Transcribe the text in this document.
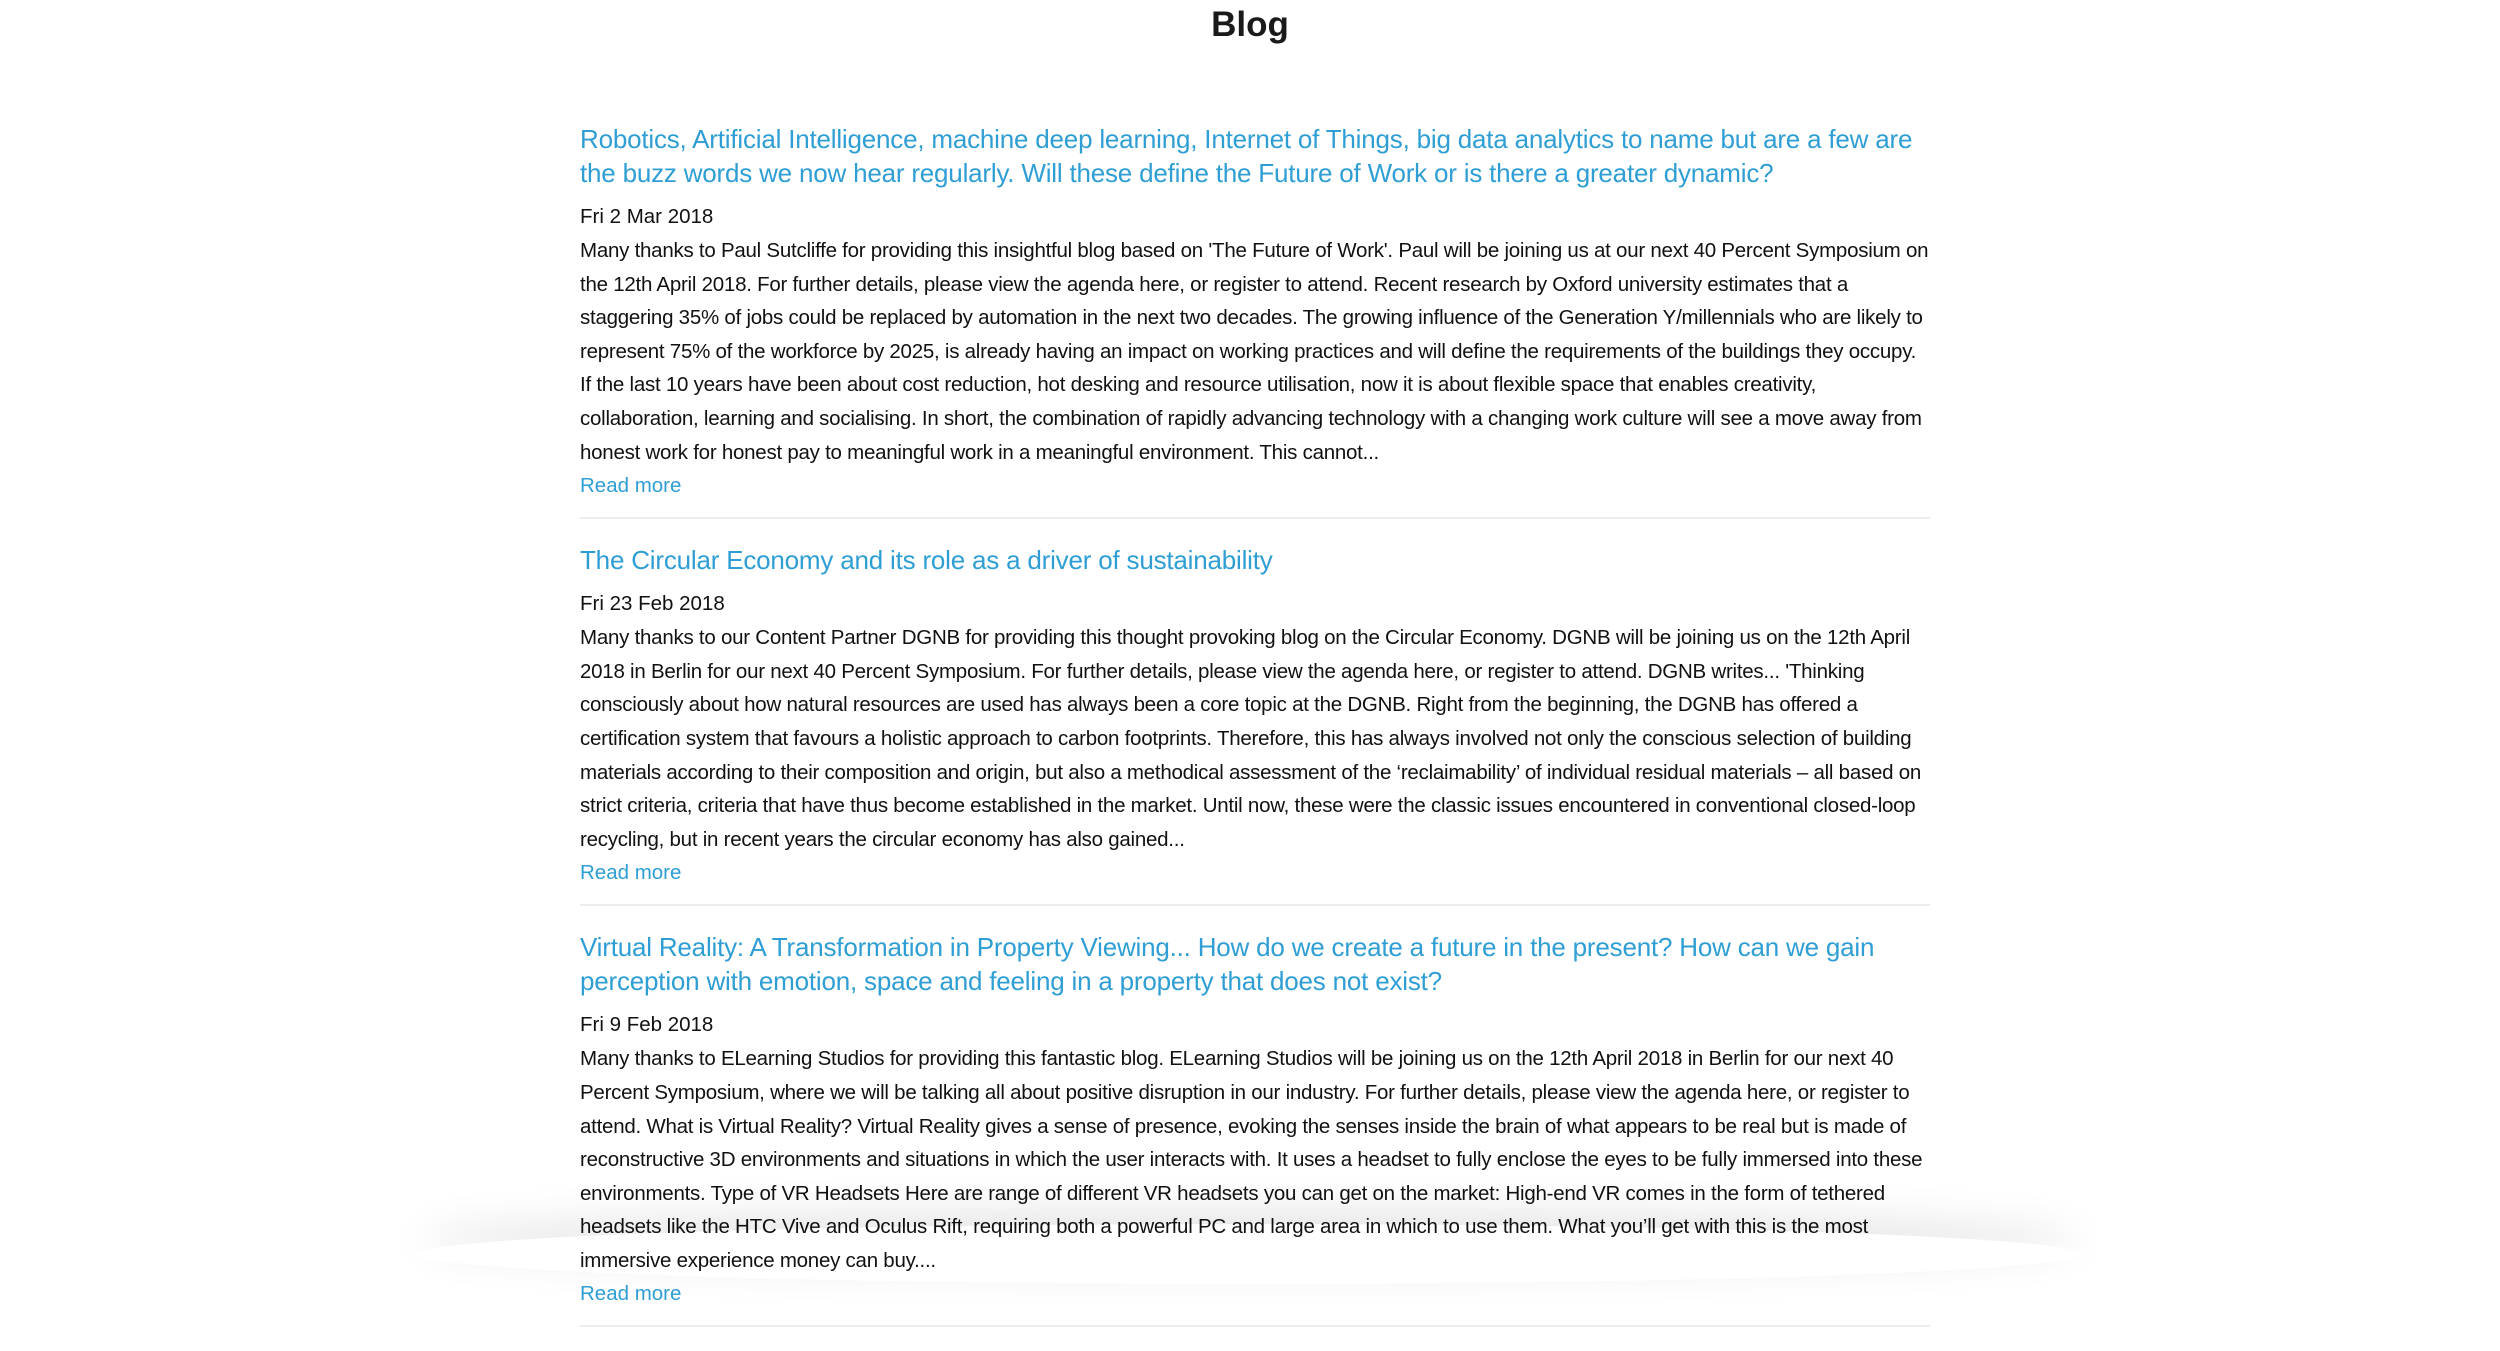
Blog
Robotics, Artificial Intelligence, machine deep learning, Internet of Things, big data analytics to name but are a few are the buzz words we now hear regularly. Will these define the Future of Work or is there a greater dynamic?
Fri 2 Mar 2018

Many thanks to Paul Sutcliffe for providing this insightful blog based on 'The Future of Work'. Paul will be joining us at our next 40 Percent Symposium on the 12th April 2018. For further details, please view the agenda here, or register to attend. Recent research by Oxford university estimates that a staggering 35% of jobs could be replaced by automation in the next two decades. The growing influence of the Generation Y/millennials who are likely to represent 75% of the workforce by 2025, is already having an impact on working practices and will define the requirements of the buildings they occupy. If the last 10 years have been about cost reduction, hot desking and resource utilisation, now it is about flexible space that enables creativity, collaboration, learning and socialising. In short, the combination of rapidly advancing technology with a changing work culture will see a move away from honest work for honest pay to meaningful work in a meaningful environment. This cannot...

Read more
The Circular Economy and its role as a driver of sustainability
Fri 23 Feb 2018

Many thanks to our Content Partner DGNB for providing this thought provoking blog on the Circular Economy. DGNB will be joining us on the 12th April 2018 in Berlin for our next 40 Percent Symposium. For further details, please view the agenda here, or register to attend. DGNB writes... 'Thinking consciously about how natural resources are used has always been a core topic at the DGNB. Right from the beginning, the DGNB has offered a certification system that favours a holistic approach to carbon footprints. Therefore, this has always involved not only the conscious selection of building materials according to their composition and origin, but also a methodical assessment of the ‘reclaimability’ of individual residual materials – all based on strict criteria, criteria that have thus become established in the market. Until now, these were the classic issues encountered in conventional closed-loop recycling, but in recent years the circular economy has also gained...

Read more
Virtual Reality: A Transformation in Property Viewing... How do we create a future in the present? How can we gain perception with emotion, space and feeling in a property that does not exist?
Fri 9 Feb 2018

Many thanks to ELearning Studios for providing this fantastic blog. ELearning Studios will be joining us on the 12th April 2018 in Berlin for our next 40 Percent Symposium, where we will be talking all about positive disruption in our industry. For further details, please view the agenda here, or register to attend. What is Virtual Reality? Virtual Reality gives a sense of presence, evoking the senses inside the brain of what appears to be real but is made of reconstructive 3D environments and situations in which the user interacts with. It uses a headset to fully enclose the eyes to be fully immersed into these environments. Type of VR Headsets Here are range of different VR headsets you can get on the market: High-end VR comes in the form of tethered headsets like the HTC Vive and Oculus Rift, requiring both a powerful PC and large area in which to use them. What you’ll get with this is the most immersive experience money can buy....

Read more
